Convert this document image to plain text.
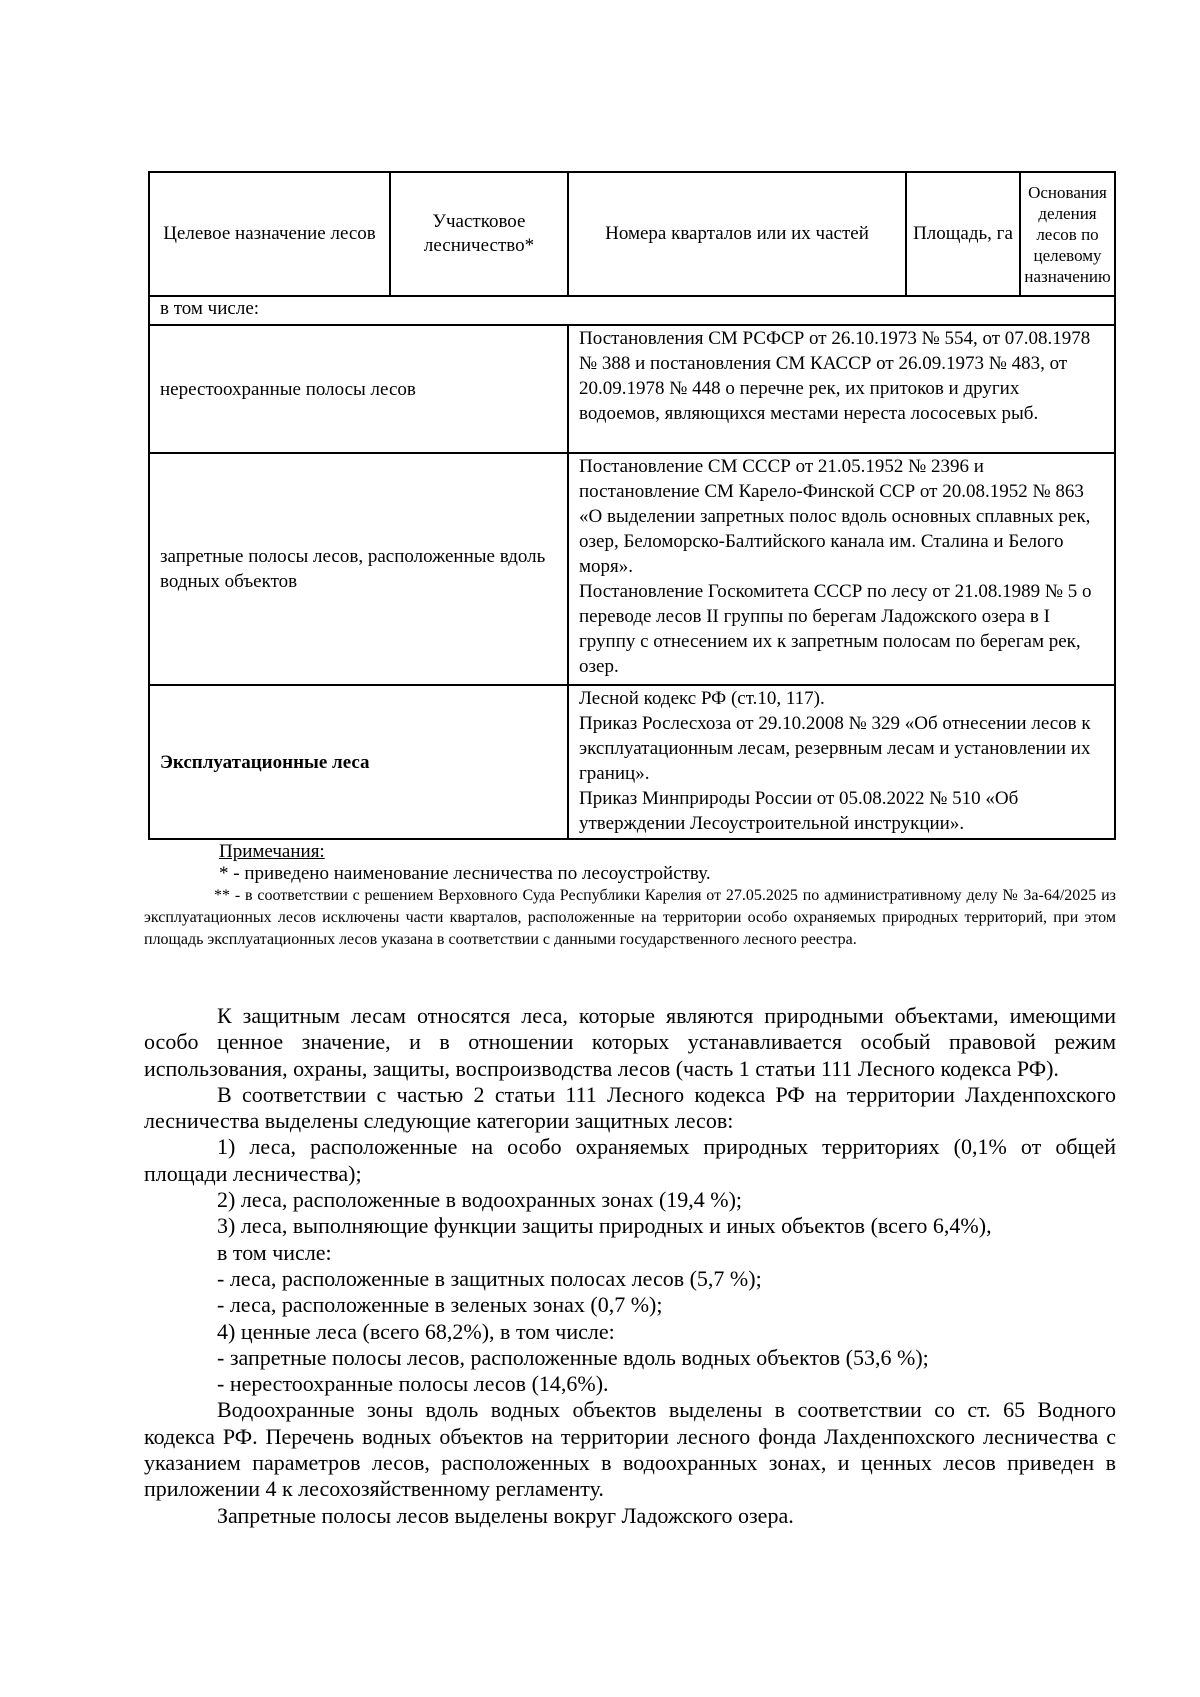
Целевое назначение лесов	Участковое лесничество*	Номера кварталов или их частей	Площадь, га	Основания деления лесов по целевому назначению
в том числе:				
нерестоохранные полосы лесов		Постановления СМ РСФСР от 26.10.1973 № 554, от 07.08.1978 № 388 и постановления СМ КАССР от 26.09.1973 № 483, от 20.09.1978 № 448 о перечне рек, их притоков и других водоемов, являющихся местами нереста лососевых рыб.		
запретные полосы лесов, расположенные вдоль водных объектов		Постановление СМ СССР от 21.05.1952 № 2396 и постановление СМ Карело-Финской ССР от 20.08.1952 № 863 «О выделении запретных полос вдоль основных сплавных рек, озер, Беломорско-Балтийского канала им. Сталина и Белого моря».
Постановление Госкомитета СССР по лесу от 21.08.1989 № 5 о переводе лесов II группы по берегам Ладожского озера в I группу с отнесением их к запретным полосам по берегам рек, озер.		

Эксплуатационные леса		Лесной кодекс РФ (ст.10, 117).
Приказ Рослесхоза от 29.10.2008 № 329 «Об отнесении лесов к эксплуатационным лесам, резервным лесам и установлении их границ».
Приказ Минприроды России от 05.08.2022 № 510 «Об утверждении Лесоустроительной инструкции».		
Примечания:
* - приведено наименование лесничества по лесоустройству.
** - в соответствии с решением Верховного Суда Республики Карелия от 27.05.2025 по административному делу № 3а-64/2025 из эксплуатационных лесов исключены части кварталов, расположенные на территории особо охраняемых природных территорий, при этом площадь эксплуатационных лесов указана в соответствии с данными государственного лесного реестра.

К защитным лесам относятся леса, которые являются природными объектами, имеющими особо ценное значение, и в отношении которых устанавливается особый правовой режим использования, охраны, защиты, воспроизводства лесов (часть 1 статьи 111 Лесного кодекса РФ).

В соответствии с частью 2 статьи 111 Лесного кодекса РФ на территории Лахденпохского лесничества выделены следующие категории защитных лесов:

1) леса, расположенные на особо охраняемых природных территориях (0,1% от общей площади лесничества);

2) леса, расположенные в водоохранных зонах (19,4 %);

3) леса, выполняющие функции защиты природных и иных объектов (всего 6,4%),

в том числе:

- леса, расположенные в защитных полосах лесов (5,7 %);

- леса, расположенные в зеленых зонах (0,7 %);

4) ценные леса (всего 68,2%), в том числе:

- запретные полосы лесов, расположенные вдоль водных объектов (53,6 %);

- нерестоохранные полосы лесов (14,6%).

Водоохранные зоны вдоль водных объектов выделены в соответствии со ст. 65 Водного кодекса РФ. Перечень водных объектов на территории лесного фонда Лахденпохского лесничества с указанием параметров лесов, расположенных в водоохранных зонах, и ценных лесов приведен в приложении 4 к лесохозяйственному регламенту.

Запретные полосы лесов выделены вокруг Ладожского озера.
